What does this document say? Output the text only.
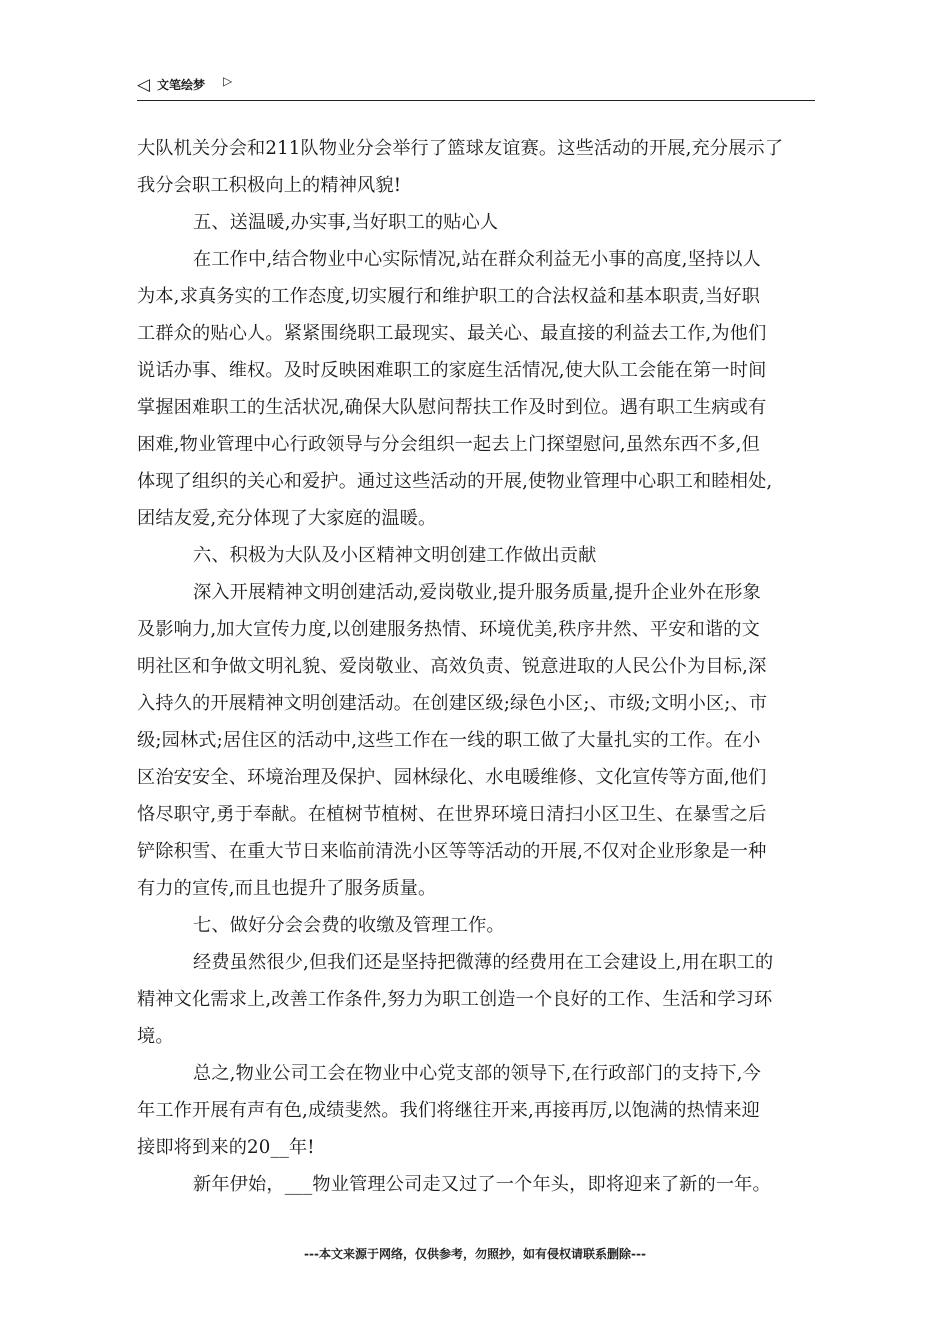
◁ 文笔绘梦 ▷
大队机关分会和211队物业分会举行了篮球友谊赛。这些活动的开展,充分展示了
我分会职工积极向上的精神风貌!
五、送温暖,办实事,当好职工的贴心人
在工作中,结合物业中心实际情况,站在群众利益无小事的高度,坚持以人
为本,求真务实的工作态度,切实履行和维护职工的合法权益和基本职责,当好职
工群众的贴心人。紧紧围绕职工最现实、最关心、最直接的利益去工作,为他们
说话办事、维权。及时反映困难职工的家庭生活情况,使大队工会能在第一时间
掌握困难职工的生活状况,确保大队慰问帮扶工作及时到位。遇有职工生病或有
困难,物业管理中心行政领导与分会组织一起去上门探望慰问,虽然东西不多,但
体现了组织的关心和爱护。通过这些活动的开展,使物业管理中心职工和睦相处,
团结友爱,充分体现了大家庭的温暖。
六、积极为大队及小区精神文明创建工作做出贡献
深入开展精神文明创建活动,爱岗敬业,提升服务质量,提升企业外在形象
及影响力,加大宣传力度,以创建服务热情、环境优美,秩序井然、平安和谐的文
明社区和争做文明礼貌、爱岗敬业、高效负责、锐意进取的人民公仆为目标,深
入持久的开展精神文明创建活动。在创建区级;绿色小区;、市级;文明小区;、市
级;园林式;居住区的活动中,这些工作在一线的职工做了大量扎实的工作。在小
区治安安全、环境治理及保护、园林绿化、水电暖维修、文化宣传等方面,他们
恪尽职守,勇于奉献。在植树节植树、在世界环境日清扫小区卫生、在暴雪之后
铲除积雪、在重大节日来临前清洗小区等等活动的开展,不仅对企业形象是一种
有力的宣传,而且也提升了服务质量。
七、做好分会会费的收缴及管理工作。
经费虽然很少,但我们还是坚持把微薄的经费用在工会建设上,用在职工的
精神文化需求上,改善工作条件,努力为职工创造一个良好的工作、生活和学习环
境。
总之,物业公司工会在物业中心党支部的领导下,在行政部门的支持下,今
年工作开展有声有色,成绩斐然。我们将继往开来,再接再厉,以饱满的热情来迎
接即将到来的20__年!
新年伊始，___物业管理公司走又过了一个年头，即将迎来了新的一年。
---本文来源于网络，仅供参考，勿照抄，如有侵权请联系删除---
